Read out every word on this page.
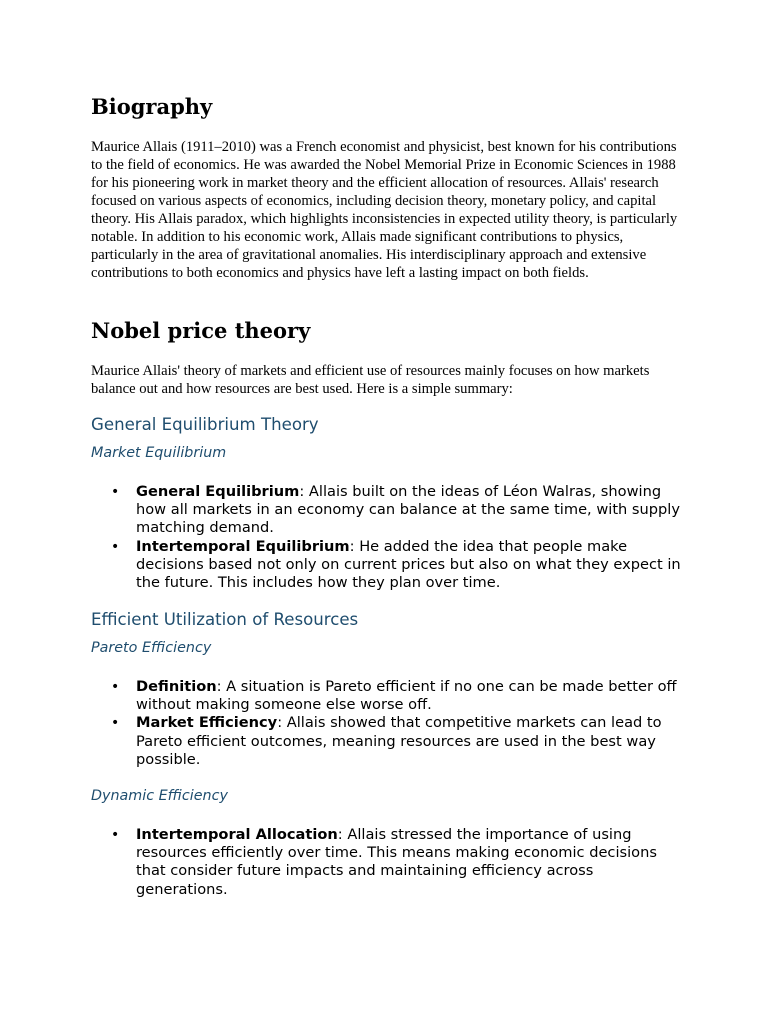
Biography

Maurice Allais (1911–2010) was a French economist and physicist, best known for his contributions to the field of economics. He was awarded the Nobel Memorial Prize in Economic Sciences in 1988 for his pioneering work in market theory and the efficient allocation of resources. Allais' research focused on various aspects of economics, including decision theory, monetary policy, and capital theory. His Allais paradox, which highlights inconsistencies in expected utility theory, is particularly notable. In addition to his economic work, Allais made significant contributions to physics, particularly in the area of gravitational anomalies. His interdisciplinary approach and extensive contributions to both economics and physics have left a lasting impact on both fields.

Nobel price theory

Maurice Allais' theory of markets and efficient use of resources mainly focuses on how markets balance out and how resources are best used. Here is a simple summary:

General Equilibrium Theory
Market Equilibrium
• General Equilibrium: Allais built on the ideas of Léon Walras, showing how all markets in an economy can balance at the same time, with supply matching demand.
• Intertemporal Equilibrium: He added the idea that people make decisions based not only on current prices but also on what they expect in the future. This includes how they plan over time.
Efficient Utilization of Resources
Pareto Efficiency
• Definition: A situation is Pareto efficient if no one can be made better off without making someone else worse off.
• Market Efficiency: Allais showed that competitive markets can lead to Pareto efficient outcomes, meaning resources are used in the best way possible.
Dynamic Efficiency
• Intertemporal Allocation: Allais stressed the importance of using resources efficiently over time. This means making economic decisions that consider future impacts and maintaining efficiency across generations.
